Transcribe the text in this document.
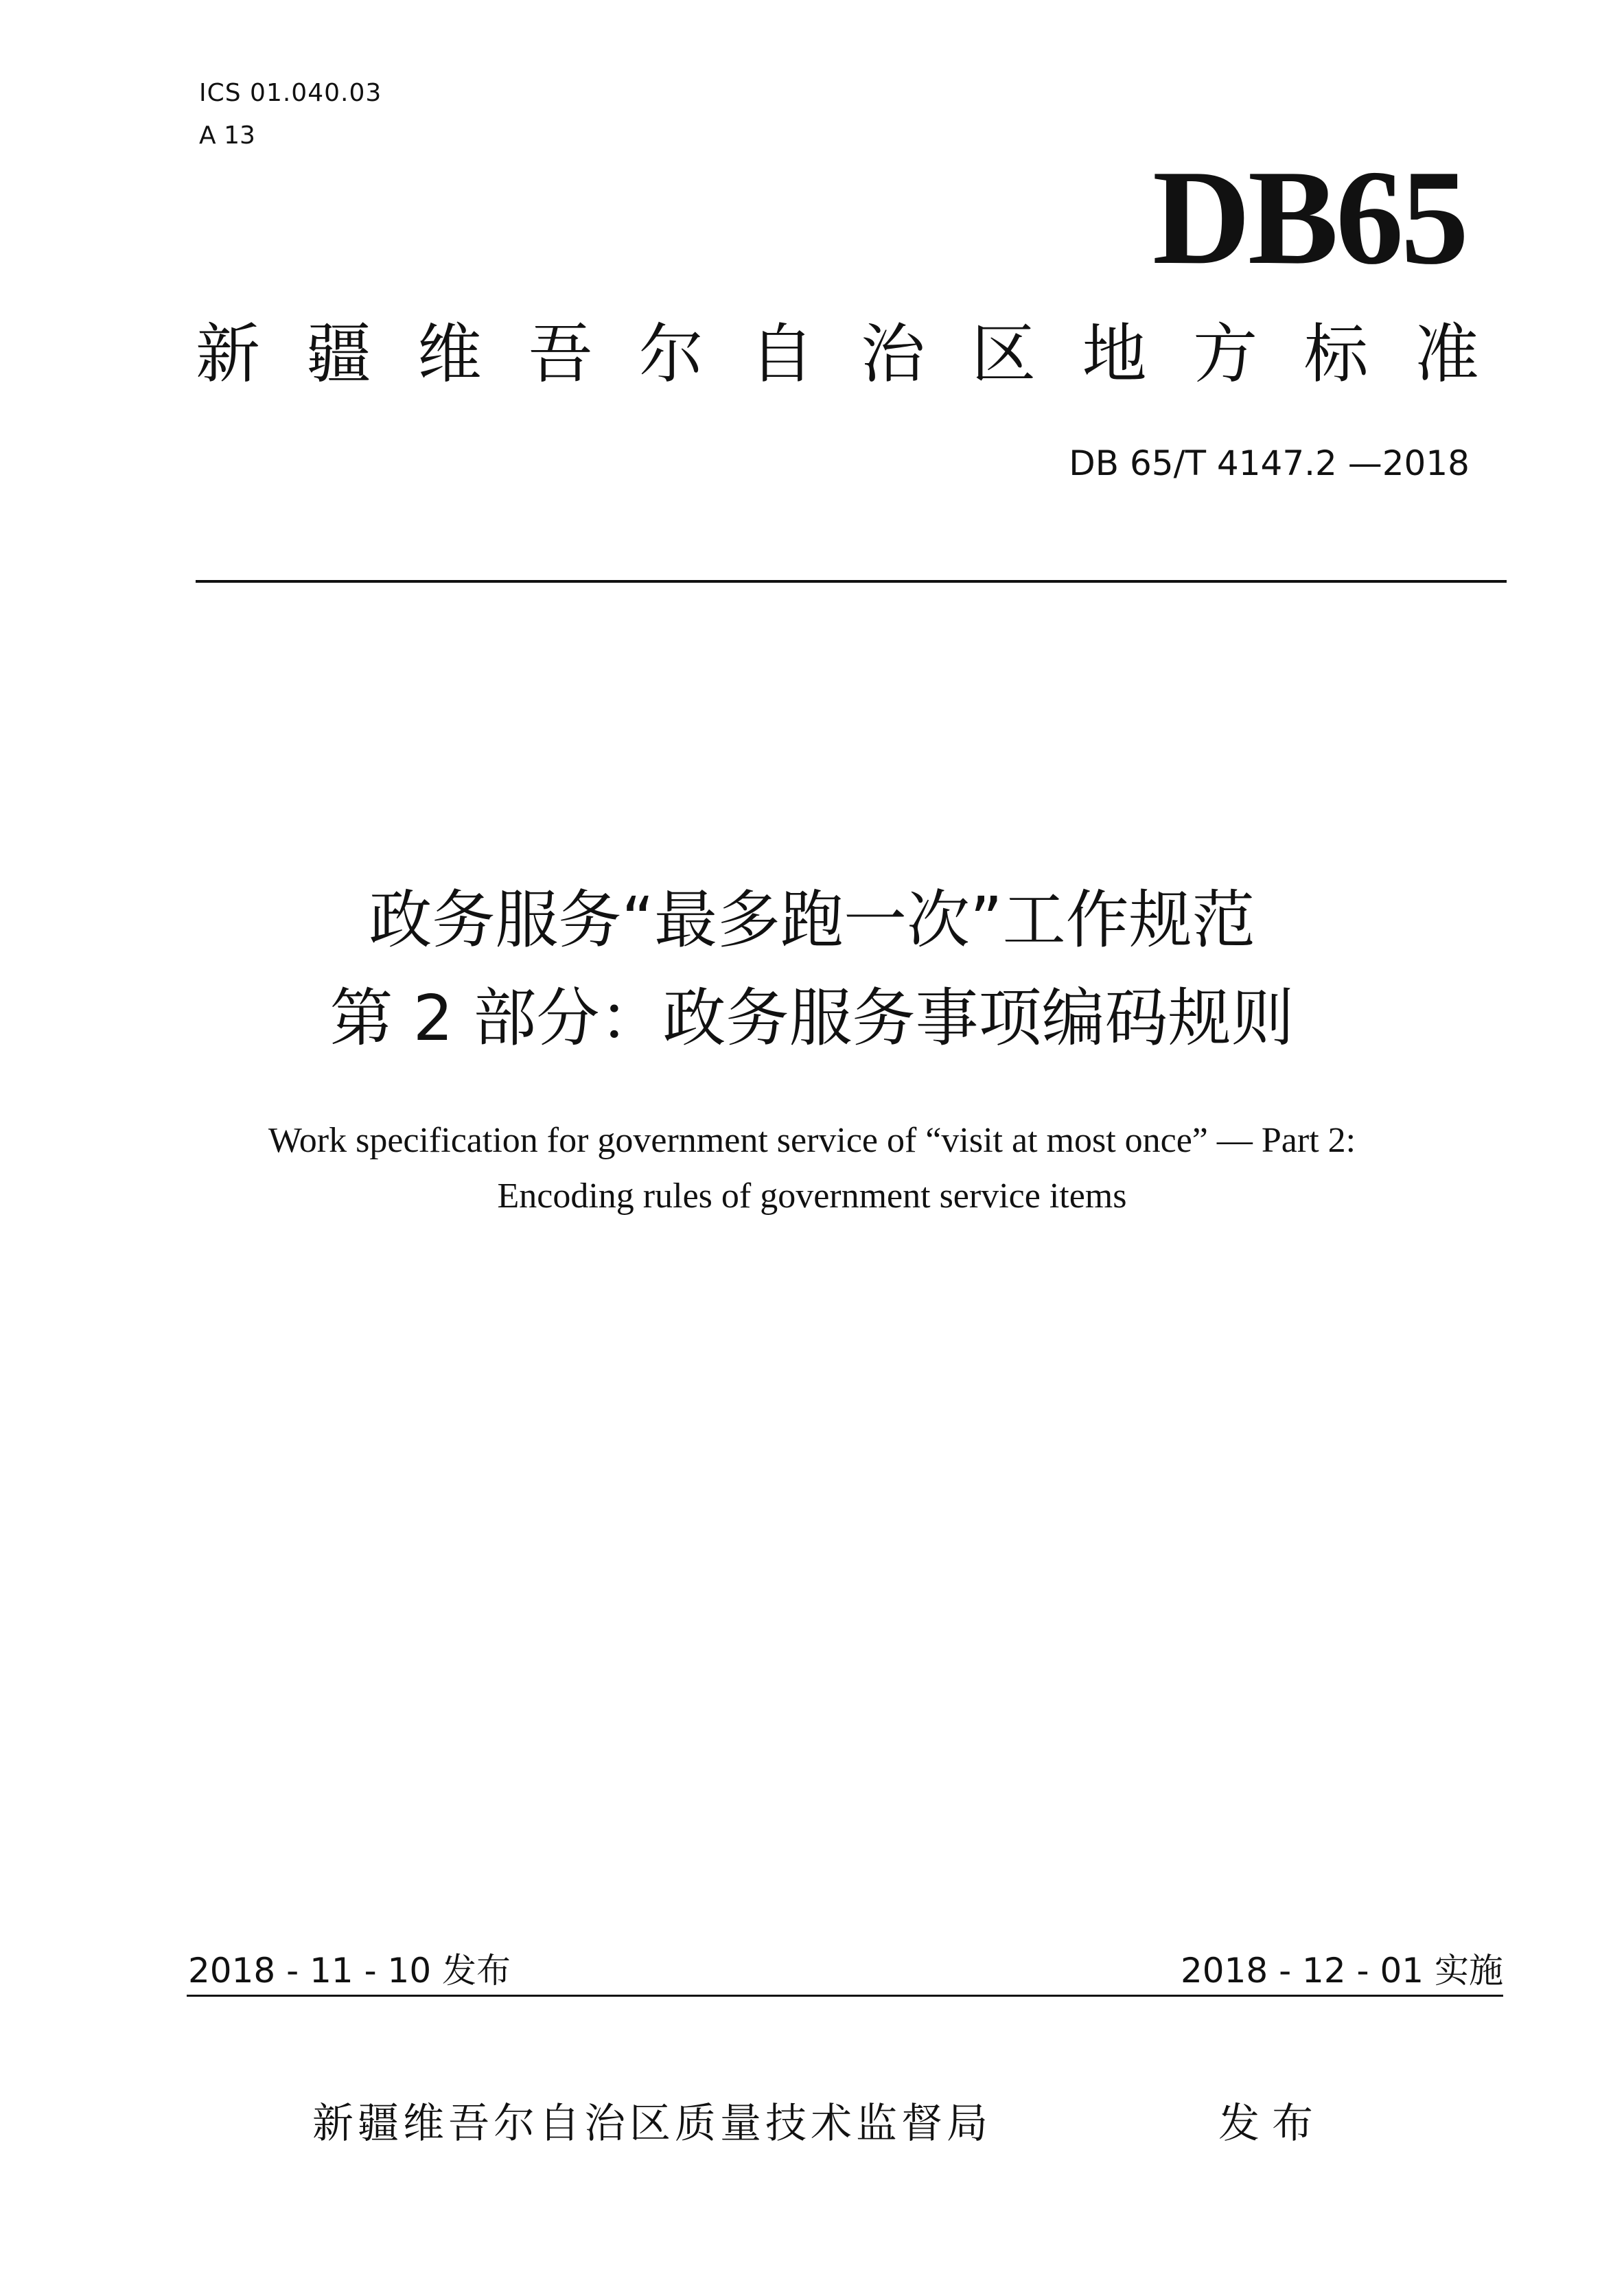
ICS 01.040.03
A 13
DB65
新 疆 维 吾 尔 自 治 区 地 方 标 准
DB 65/T 4147.2 —2018
政务服务“最多跑一次”工作规范
第 2 部分：政务服务事项编码规则
Work specification for government service of “visit at most once” — Part 2:
Encoding rules of government service items
2018 - 11 - 10 发布	2018 - 12 - 01 实施
新疆维吾尔自治区质量技术监督局	发布
